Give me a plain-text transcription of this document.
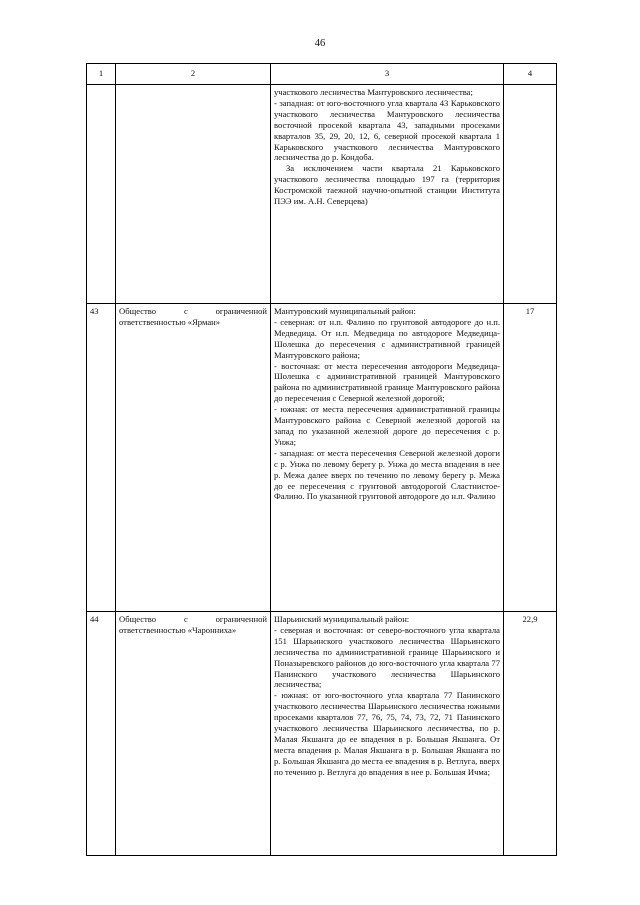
46
1	2	3	4

		участкового лесничества Мантуровского лесничества;
- западная: от юго-восточного угла квартала 43 Карьковского участкового лесничества Мантуровского лесничества восточной просекой квартала 43, западными просеками кварталов 35, 29, 20, 12, 6, северной просекой квартала 1 Карьковского участкового лесничества Мантуровского лесничества до р. Кондоба.
За исключением части квартала 21 Карьковского участкового лесничества площадью 197 га (территория Костромской таежной научно-опытной станции Института ПЭЭ им. А.Н. Северцева)	

43	Общество с ограниченной ответственностью «Ярман»	Мантуровский муниципальный район:
- северная: от н.п. Фалино по грунтовой автодороге до н.п. Медведица. От н.п. Медведица по автодороге Медведица-Шолешка до пересечения с административной границей Мантуровского района;
- восточная: от места пересечения автодороги Медведица-Шолешка с административной границей Мантуровского района по административной границе Мантуровского района до пересечения с Северной железной дорогой;
- южная: от места пересечения административной границы Мантуровского района с Северной железной дорогой на запад по указанной железной дороге до пересечения с р. Унжа;
- западная: от места пересечения Северной железной дороги с р. Унжа по левому берегу р. Унжа до места впадения в нее р. Межа далее вверх по течению по левому берегу р. Межа до ее пересечения с грунтовой автодорогой Сластнистое-Фалино. По указанной грунтовой автодороге до н.п. Фалино	17
44	Общество с ограниченной ответственностью «Чаронниха»	Шарьинский муниципальный район:
- северная и восточная: от северо-восточного угла квартала 151 Шарьинского участкового лесничества Шарьинского лесничества по административной границе Шарьинского и Поназыревского районов до юго-восточного угла квартала 77 Панинского участкового лесничества Шарьинского лесничества;
- южная: от юго-восточного угла квартала 77 Панинского участкового лесничества Шарьинского лесничества южными просеками кварталов 77, 76, 75, 74, 73, 72, 71 Панинского участкового лесничества Шарьинского лесничества, по р. Малая Якшанга до ее впадения в р. Большая Якшанга. От места впадения р. Малая Якшанга в р. Большая Якшанга по р. Большая Якшанга до места ее впадения в р. Ветлуга, вверх по течению р. Ветлуга до впадения в нее р. Большая Ичма;	22,9
